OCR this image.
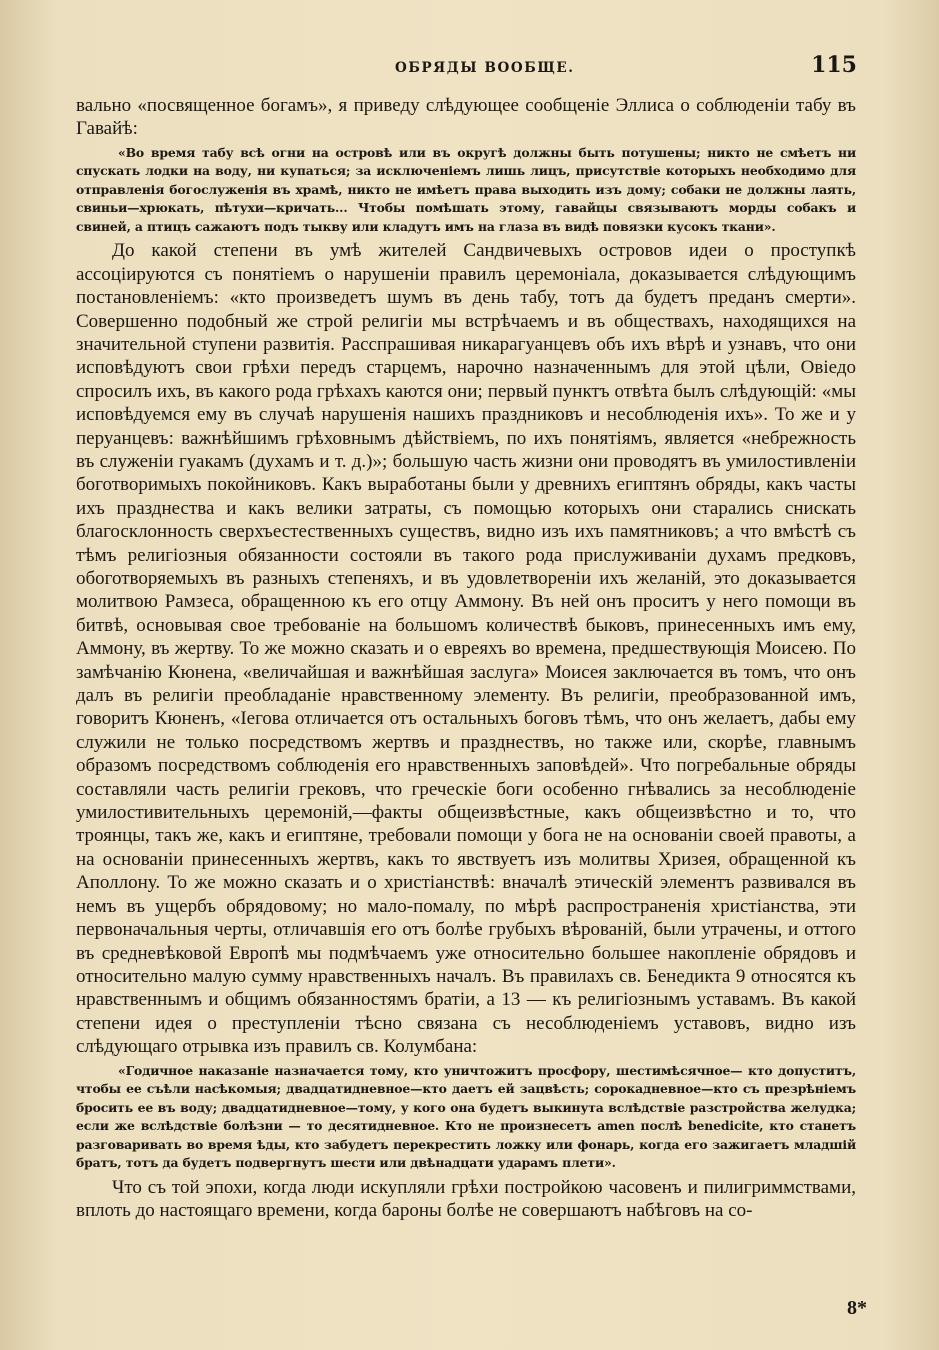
ОБРЯДЫ ВООБЩЕ.	115

вально «посвященное богамъ», я приведу слѣдующее сообщеніе Эллиса о соблюденіи табу въ Гавайѣ:

«Во время табу всѣ огни на островѣ или въ округѣ должны быть потушены; никто не смѣетъ ни спускать лодки на воду, ни купаться; за исключеніемъ лишь лицъ, присутствіе которыхъ необходимо для отправленія богослуженія въ храмѣ, никто не имѣетъ права выходить изъ дому; собаки не должны лаять, свиньи—хрюкать, пѣтухи—кричать... Чтобы помѣшать этому, гавайцы связываютъ морды собакъ и свиней, а птицъ сажаютъ подъ тыкву или кладутъ имъ на глаза въ видѣ повязки кусокъ ткани».

До какой степени въ умѣ жителей Сандвичевыхъ островов идеи о проступкѣ ассоціируются съ понятіемъ о нарушеніи правилъ церемоніала, доказывается слѣдующимъ постановленіемъ: «кто произведетъ шумъ въ день табу, тотъ да будетъ преданъ смерти». Совершенно подобный же строй религіи мы встрѣчаемъ и въ обществахъ, находящихся на значительной ступени развитія. Расспрашивая никарагуанцевъ объ ихъ вѣрѣ и узнавъ, что они исповѣдуютъ свои грѣхи передъ старцемъ, нарочно назначеннымъ для этой цѣли, Овіедо спросилъ ихъ, въ какого рода грѣхахъ каются они; первый пунктъ отвѣта былъ слѣдующій: «мы исповѣдуемся ему въ случаѣ нарушенія нашихъ праздниковъ и несоблюденія ихъ». То же и у перуанцевъ: важнѣйшимъ грѣховнымъ дѣйствіемъ, по ихъ понятіямъ, является «небрежность въ служеніи гуакамъ (духамъ и т. д.)»; большую часть жизни они проводятъ въ умилостивленіи боготворимыхъ покойниковъ. Какъ выработаны были у древнихъ египтянъ обряды, какъ часты ихъ празднества и какъ велики затраты, съ помощью которыхъ они старались снискать благосклонность сверхъестественныхъ существъ, видно изъ ихъ памятниковъ; а что вмѣстѣ съ тѣмъ религіозныя обязанности состояли въ такого рода прислуживаніи духамъ предковъ, обоготворяемыхъ въ разныхъ степеняхъ, и въ удовлетвореніи ихъ желаній, это доказывается молитвою Рамзеса, обращенною къ его отцу Аммону. Въ ней онъ проситъ у него помощи въ битвѣ, основывая свое требованіе на большомъ количествѣ быковъ, принесенныхъ имъ ему, Аммону, въ жертву. То же можно сказать и о евреяхъ во времена, предшествующія Моисею. По замѣчанію Кюнена, «величайшая и важнѣйшая заслуга» Моисея заключается въ томъ, что онъ далъ въ религіи преобладаніе нравственному элементу. Въ религіи, преобразованной имъ, говоритъ Кюненъ, «Іегова отличается отъ остальныхъ боговъ тѣмъ, что онъ желаетъ, дабы ему служили не только посредствомъ жертвъ и празднествъ, но также или, скорѣе, главнымъ образомъ посредствомъ соблюденія его нравственныхъ заповѣдей». Что погребальные обряды составляли часть религіи грековъ, что греческіе боги особенно гнѣвались за несоблюденіе умилостивительныхъ церемоній,—факты общеизвѣстные, какъ общеизвѣстно и то, что троянцы, такъ же, какъ и египтяне, требовали помощи у бога не на основаніи своей правоты, а на основаніи принесенныхъ жертвъ, какъ то явствуетъ изъ молитвы Хризея, обращенной къ Аполлону. То же можно сказать и о христіанствѣ: вначалѣ этическій элементъ развивался въ немъ въ ущербъ обрядовому; но мало-помалу, по мѣрѣ распространенія христіанства, эти первоначальныя черты, отличавшія его отъ болѣе грубыхъ вѣрованій, были утрачены, и оттого въ средневѣковой Европѣ мы подмѣчаемъ уже относительно большее накопленіе обрядовъ и относительно малую сумму нравственныхъ началъ. Въ правилахъ св. Бенедикта 9 относятся къ нравственнымъ и общимъ обязанностямъ братіи, а 13 — къ религіознымъ уставамъ. Въ какой степени идея о преступленіи тѣсно связана съ несоблюденіемъ уставовъ, видно изъ слѣдующаго отрывка изъ правилъ св. Колумбана:

«Годичное наказаніе назначается тому, кто уничтожитъ просфору, шестимѣсячное— кто допуститъ, чтобы ее съѣли насѣкомыя; двадцатидневное—кто даетъ ей зацвѣсть; сорокадневное—кто съ презрѣніемъ бросить ее въ воду; двадцатидневное—тому, у кого она будетъ выкинута вслѣдствіе разстройства желудка; если же вслѣдствіе болѣзни — то десятидневное. Кто не произнесетъ amen послѣ benedicite, кто станетъ разговаривать во время ѣды, кто забудетъ перекрестить ложку или фонарь, когда его зажигаетъ младшій братъ, тотъ да будетъ подвергнутъ шести или двѣнадцати ударамъ плети».

Что съ той эпохи, когда люди искупляли грѣхи постройкою часовенъ и пилигриммствами, вплоть до настоящаго времени, когда бароны болѣе не совершаютъ набѣговъ на со-

8*
